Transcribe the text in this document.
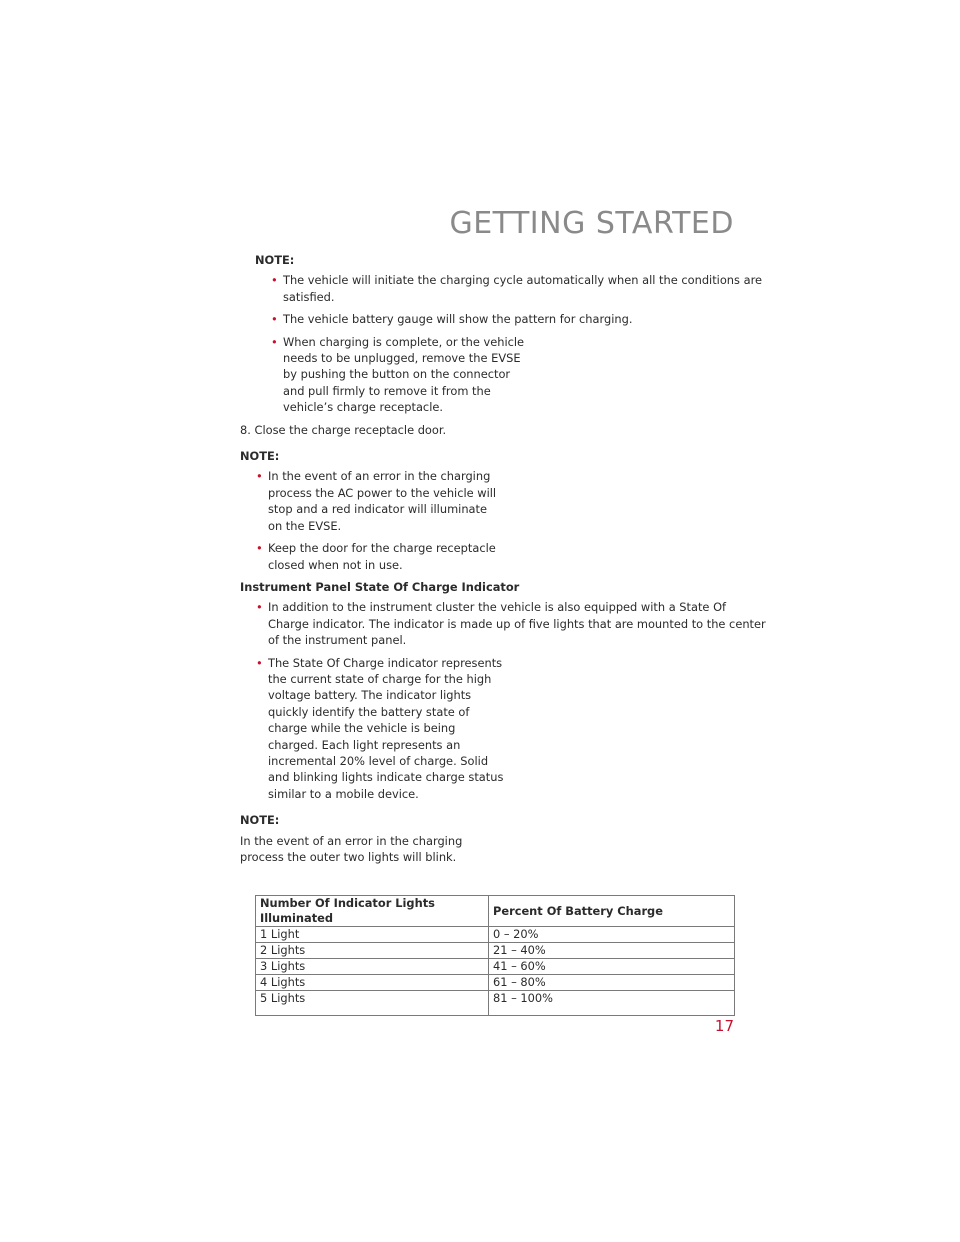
GETTING STARTED

NOTE:

• The vehicle will initiate the charging cycle automatically when all the conditions are satisfied.
• The vehicle battery gauge will show the pattern for charging.
• When charging is complete, or the vehicle needs to be unplugged, remove the EVSE by pushing the button on the connector and pull firmly to remove it from the vehicle’s charge receptacle.

8. Close the charge receptacle door.

NOTE:

• In the event of an error in the charging process the AC power to the vehicle will stop and a red indicator will illuminate on the EVSE.
• Keep the door for the charge receptacle closed when not in use.

Instrument Panel State Of Charge Indicator

• In addition to the instrument cluster the vehicle is also equipped with a State Of Charge indicator. The indicator is made up of five lights that are mounted to the center of the instrument panel.
• The State Of Charge indicator represents the current state of charge for the high voltage battery. The indicator lights quickly identify the battery state of charge while the vehicle is being charged. Each light represents an incremental 20% level of charge. Solid and blinking lights indicate charge status similar to a mobile device.

NOTE:

In the event of an error in the charging process the outer two lights will blink.

Number Of Indicator Lights Illuminated	Percent Of Battery Charge
1 Light	0 – 20%
2 Lights	21 – 40%
3 Lights	41 – 60%
4 Lights	61 – 80%
5 Lights	81 – 100%
17
